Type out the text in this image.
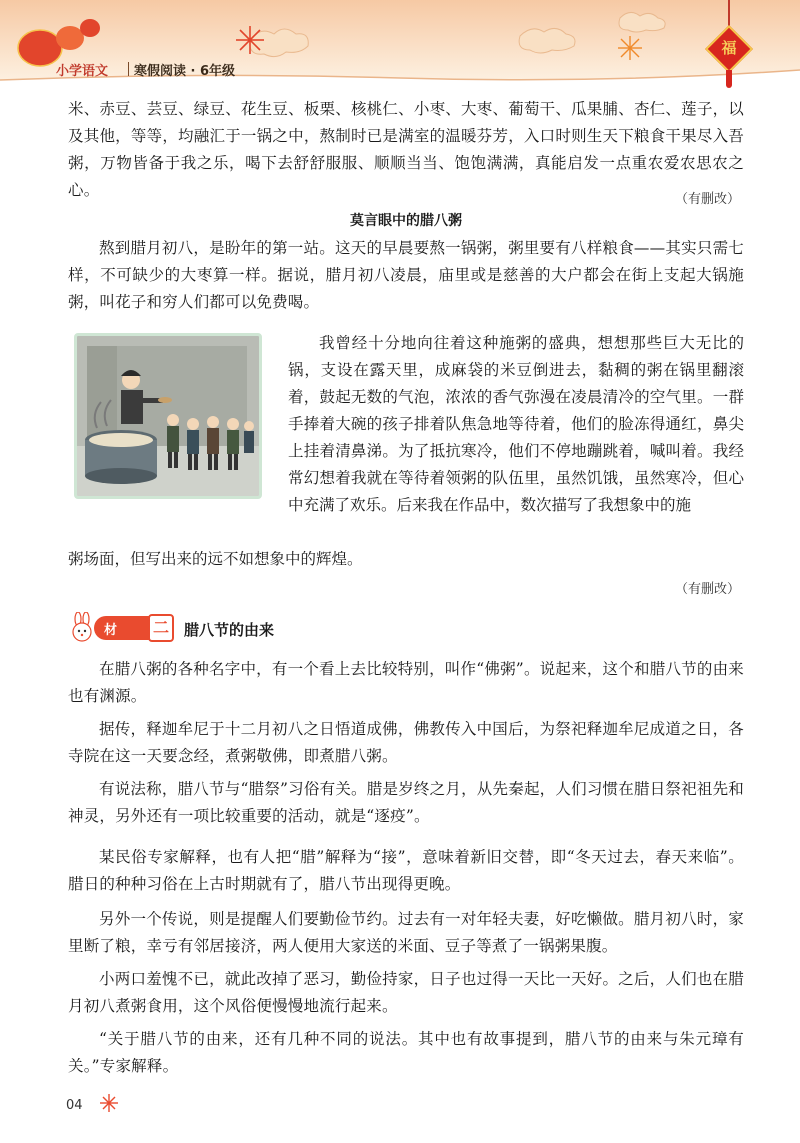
小学语文 寒假阅读 · 6年级
福

米、赤豆、芸豆、绿豆、花生豆、板栗、核桃仁、小枣、大枣、葡萄干、瓜果脯、杏仁、莲子，以及其他，等等，均融汇于一锅之中，熬制时已是满室的温暖芬芳，入口时则生天下粮食干果尽入吾粥，万物皆备于我之乐，喝下去舒舒服服、顺顺当当、饱饱满满，真能启发一点重农爱农思农之心。

（有删改）
莫言眼中的腊八粥

熬到腊月初八，是盼年的第一站。这天的早晨要熬一锅粥，粥里要有八样粮食——其实只需七样，不可缺少的大枣算一样。据说，腊月初八凌晨，庙里或是慈善的大户都会在街上支起大锅施粥，叫花子和穷人们都可以免费喝。

我曾经十分地向往着这种施粥的盛典，想想那些巨大无比的锅，支设在露天里，成麻袋的米豆倒进去，黏稠的粥在锅里翻滚着，鼓起无数的气泡，浓浓的香气弥漫在凌晨清冷的空气里。一群手捧着大碗的孩子排着队焦急地等待着，他们的脸冻得通红，鼻尖上挂着清鼻涕。为了抵抗寒冷，他们不停地蹦跳着，喊叫着。我经常幻想着我就在等待着领粥的队伍里，虽然饥饿，虽然寒冷，但心中充满了欢乐。后来我在作品中，数次描写了我想象中的施

粥场面，但写出来的远不如想象中的辉煌。

（有删改）
材料
二	腊八节的由来

在腊八粥的各种名字中，有一个看上去比较特别，叫作“佛粥”。说起来，这个和腊八节的由来也有渊源。

据传，释迦牟尼于十二月初八之日悟道成佛，佛教传入中国后，为祭祀释迦牟尼成道之日，各寺院在这一天要念经，煮粥敬佛，即煮腊八粥。

有说法称，腊八节与“腊祭”习俗有关。腊是岁终之月，从先秦起，人们习惯在腊日祭祀祖先和神灵，另外还有一项比较重要的活动，就是“逐疫”。

某民俗专家解释，也有人把“腊”解释为“接”，意味着新旧交替，即“冬天过去，春天来临”。腊日的种种习俗在上古时期就有了，腊八节出现得更晚。

另外一个传说，则是提醒人们要勤俭节约。过去有一对年轻夫妻，好吃懒做。腊月初八时，家里断了粮，幸亏有邻居接济，两人便用大家送的米面、豆子等煮了一锅粥果腹。

小两口羞愧不已，就此改掉了恶习，勤俭持家，日子也过得一天比一天好。之后，人们也在腊月初八煮粥食用，这个风俗便慢慢地流行起来。

“关于腊八节的由来，还有几种不同的说法。其中也有故事提到，腊八节的由来与朱元璋有关。”专家解释。

04
